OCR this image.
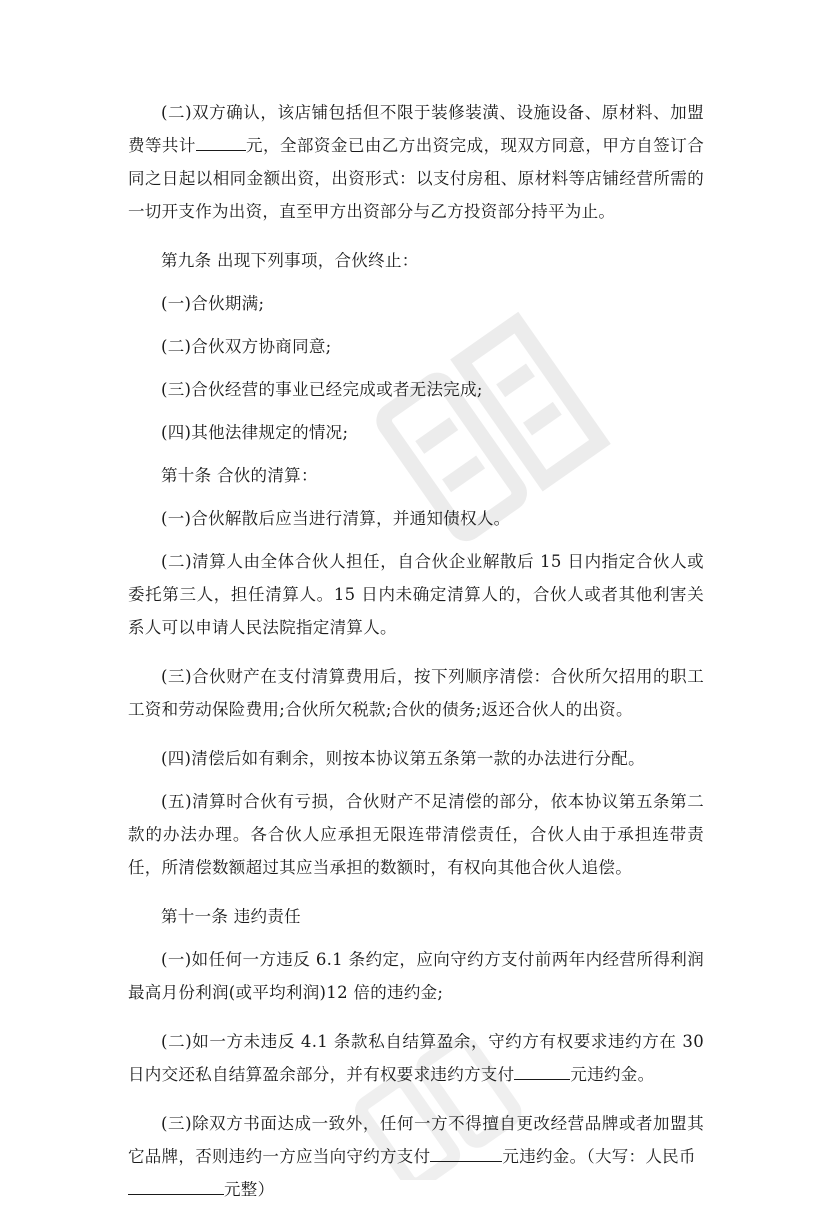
(二)双方确认，该店铺包括但不限于装修装潢、设施设备、原材料、加盟费等共计	元，全部资金已由乙方出资完成，现双方同意，甲方自签订合同之日起以相同金额出资，出资形式：以支付房租、原材料等店铺经营所需的一切开支作为出资，直至甲方出资部分与乙方投资部分持平为止。

第九条 出现下列事项，合伙终止：

(一)合伙期满;

(二)合伙双方协商同意;

(三)合伙经营的事业已经完成或者无法完成;

(四)其他法律规定的情况;

第十条 合伙的清算：

(一)合伙解散后应当进行清算，并通知债权人。

(二)清算人由全体合伙人担任，自合伙企业解散后 15 日内指定合伙人或委托第三人，担任清算人。15 日内未确定清算人的，合伙人或者其他利害关系人可以申请人民法院指定清算人。

(三)合伙财产在支付清算费用后，按下列顺序清偿：合伙所欠招用的职工工资和劳动保险费用;合伙所欠税款;合伙的债务;返还合伙人的出资。

(四)清偿后如有剩余，则按本协议第五条第一款的办法进行分配。

(五)清算时合伙有亏损，合伙财产不足清偿的部分，依本协议第五条第二款的办法办理。各合伙人应承担无限连带清偿责任，合伙人由于承担连带责任，所清偿数额超过其应当承担的数额时，有权向其他合伙人追偿。

第十一条 违约责任

(一)如任何一方违反 6.1 条约定，应向守约方支付前两年内经营所得利润最高月份利润(或平均利润)12 倍的违约金;

(二)如一方未违反 4.1 条款私自结算盈余，守约方有权要求违约方在 30 日内交还私自结算盈余部分，并有权要求违约方支付	元违约金。

(三)除双方书面达成一致外，任何一方不得擅自更改经营品牌或者加盟其它品牌，否则违约一方应当向守约方支付	元违约金。（大写：人民币
元整）
